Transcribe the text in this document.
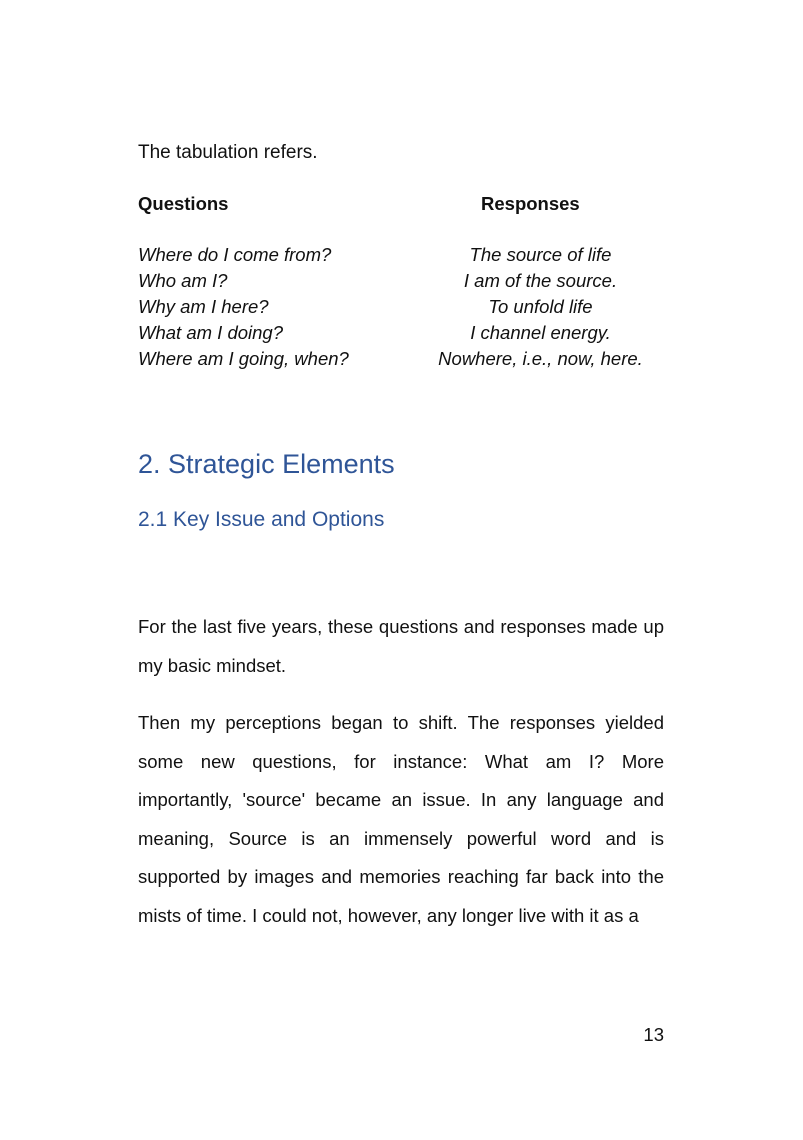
The tabulation refers.

Questions	Responses

Where do I come from?	The source of life
Who am I?	I am of the source.
Why am I here?	To unfold life
What am I doing?	I channel energy.
Where am I going, when?	Nowhere, i.e., now, here.
2. Strategic Elements
2.1 Key Issue and Options

For the last five years, these questions and responses made up my basic mindset.

Then my perceptions began to shift. The responses yielded some new questions, for instance: What am I? More importantly, 'source' became an issue. In any language and meaning, Source is an immensely powerful word and is supported by images and memories reaching far back into the mists of time. I could not, however, any longer live with it as a

13
